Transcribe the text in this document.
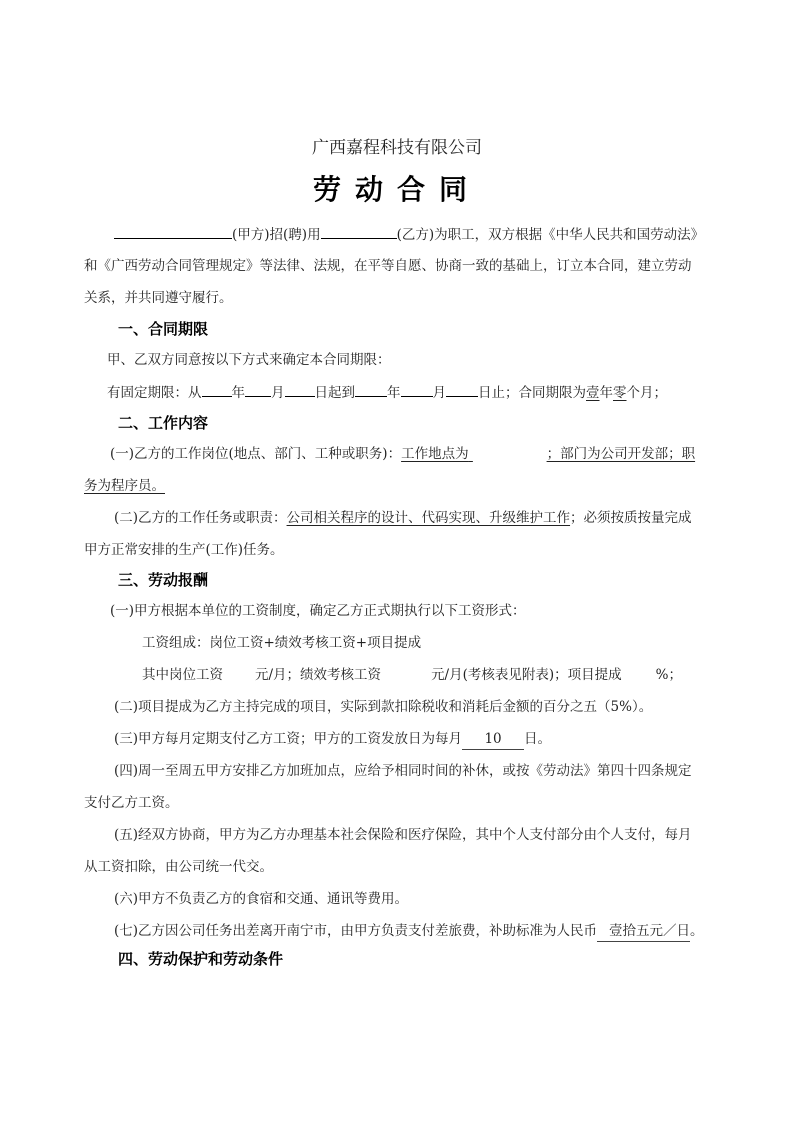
广西嘉程科技有限公司
劳动合同
(甲方)招(聘)用	(乙方)为职工，双方根据《中华人民共和国劳动法》
和《广西劳动合同管理规定》等法律、法规，在平等自愿、协商一致的基础上，订立本合同，建立劳动
关系，并共同遵守履行。
一、合同期限
甲、乙双方同意按以下方式来确定本合同期限：
有固定期限：从 年 月 日起到 年 月 日止；合同期限为壹年零个月；
二、工作内容
(一)乙方的工作岗位(地点、部门、工种或职务)：工作地点为	；部门为公司开发部；职
务为程序员。
(二)乙方的工作任务或职责：公司相关程序的设计、代码实现、升级维护工作；必须按质按量完成
甲方正常安排的生产(工作)任务。
三、劳动报酬
(一)甲方根据本单位的工资制度，确定乙方正式期执行以下工资形式：
工资组成：岗位工资+绩效考核工资+项目提成
其中岗位工资 元/月；绩效考核工资	元/月(考核表见附表)；项目提成	%；
(二)项目提成为乙方主持完成的项目，实际到款扣除税收和消耗后金额的百分之五（5%）。
(三)甲方每月定期支付乙方工资；甲方的工资发放日为每月 10 日。
(四)周一至周五甲方安排乙方加班加点，应给予相同时间的补休，或按《劳动法》第四十四条规定
支付乙方工资。
(五)经双方协商，甲方为乙方办理基本社会保险和医疗保险，其中个人支付部分由个人支付，每月
从工资扣除，由公司统一代交。
(六)甲方不负责乙方的食宿和交通、通讯等费用。
(七)乙方因公司任务出差离开南宁市，由甲方负责支付差旅费，补助标准为人民币 壹拾五元／日。
四、劳动保护和劳动条件
